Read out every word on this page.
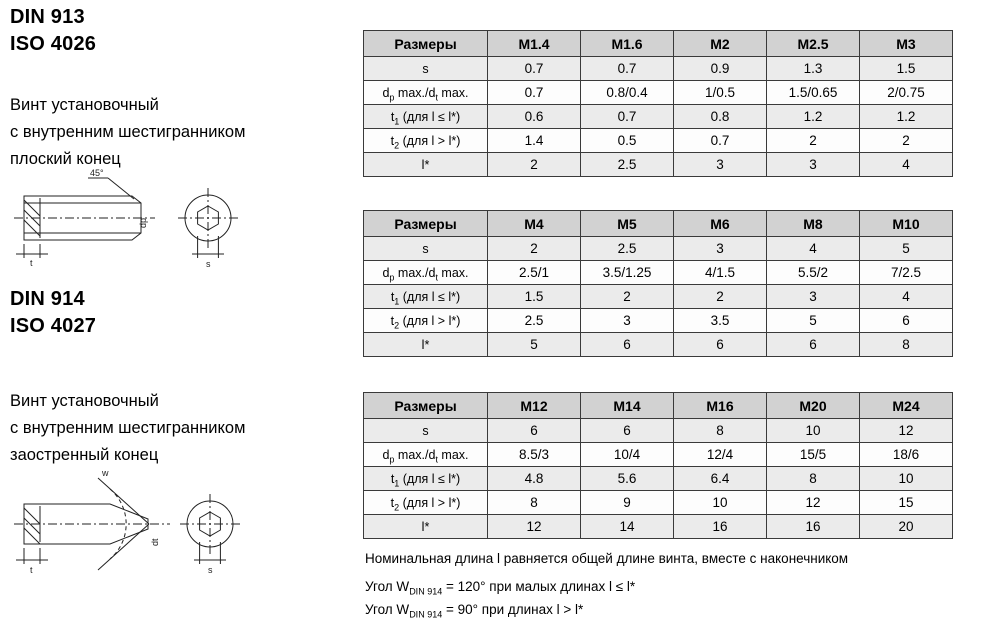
DIN 913
ISO 4026
Винт установочный
с внутренним шестигранником
плоский конец
45°
t
dp
s
DIN 914
ISO 4027
Винт установочный
с внутренним шестигранником
заостренный конец
w
t
dt
s
Размеры	M1.4	M1.6	M2	M2.5	M3
s	0.7	0.7	0.9	1.3	1.5
$d_p$ $\max./d_t$ max.	0.7	0.8/0.4	1/0.5	1.5/0.65	2/0.75
$t_1$ (для l ≤ l*)	0.6	0.7	0.8	1.2	1.2
$t_2$ (для l > l*)	1.4	0.5	0.7	2	2
l*	2	2.5	3	3	4
Размеры	M4	M5	M6	M8	M10
s	2	2.5	3	4	5
$d_p$ $\max./d_t$ max.	2.5/1	3.5/1.25	4/1.5	5.5/2	7/2.5
$t_1$ (для l ≤ l*)	1.5	2	2	3	4
$t_2$ (для l > l*)	2.5	3	3.5	5	6
l*	5	6	6	6	8
Размеры	M12	M14	M16	M20	M24
s	6	6	8	10	12
$d_p$ $\max./d_t$ max.	8.5/3	10/4	12/4	15/5	18/6
$t_1$ (для l ≤ l*)	4.8	5.6	6.4	8	10
$t_2$ (для l > l*)	8	9	10	12	15
l*	12	14	16	16	20
Номинальная длина l равняется общей длине винта, вместе с наконечником
Угол $W_{DIN 914} = 120^\circ$ при малых длинах l ≤ l*
Угол $W_{DIN 914} = 90^\circ$ при длинах l > l*
